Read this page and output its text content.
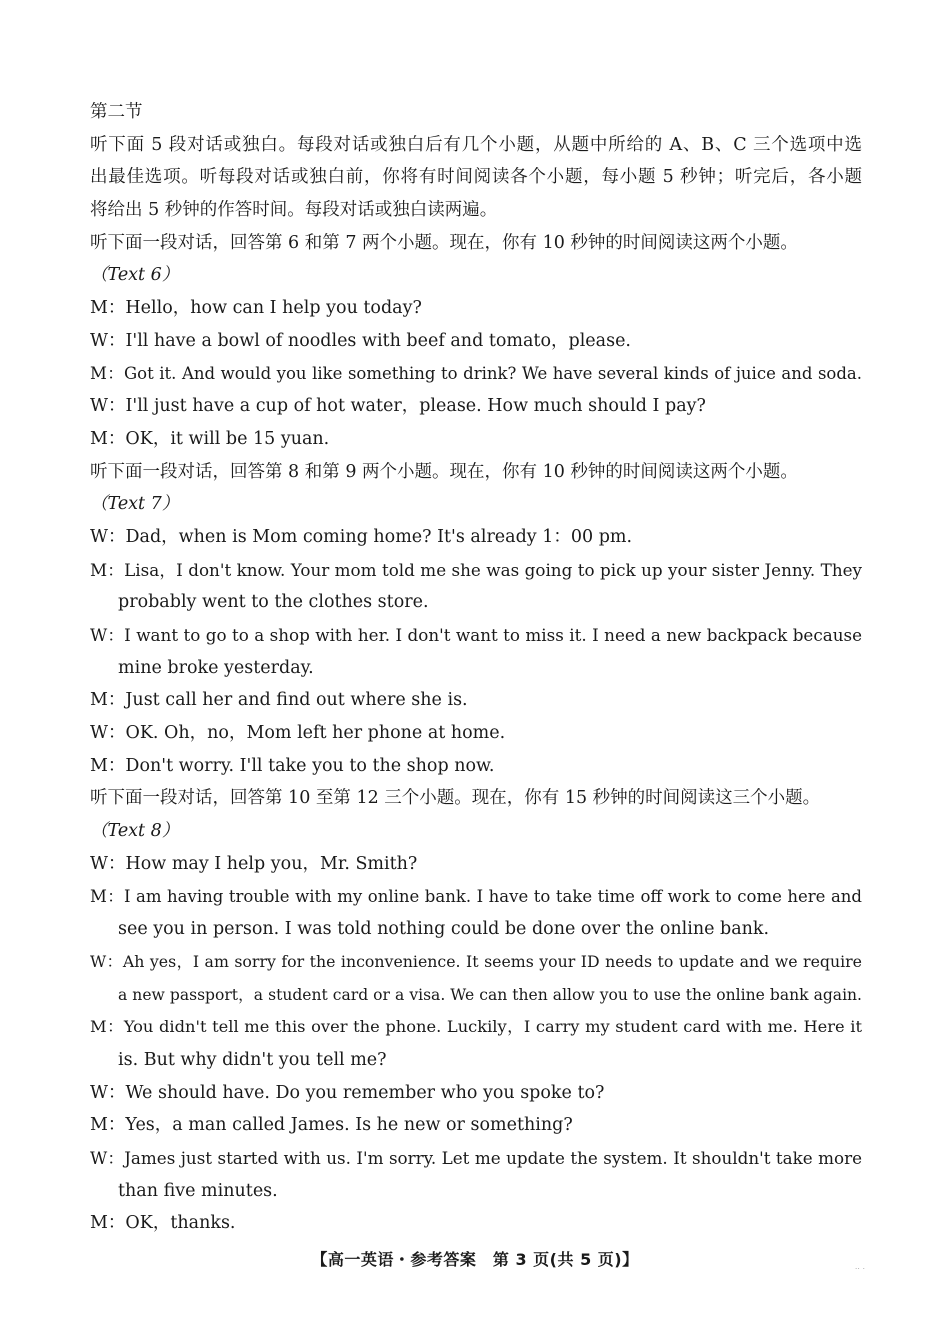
第二节
听下面 5 段对话或独白。每段对话或独白后有几个小题，从题中所给的 A、B、C 三个选项中选
出最佳选项。听每段对话或独白前，你将有时间阅读各个小题，每小题 5 秒钟；听完后，各小题
将给出 5 秒钟的作答时间。每段对话或独白读两遍。
听下面一段对话，回答第 6 和第 7 两个小题。现在，你有 10 秒钟的时间阅读这两个小题。
（Text 6）
M：Hello，how can I help you today?
W：I'll have a bowl of noodles with beef and tomato，please.
M：Got it. And would you like something to drink? We have several kinds of juice and soda.
W：I'll just have a cup of hot water，please. How much should I pay?
M：OK，it will be 15 yuan.
听下面一段对话，回答第 8 和第 9 两个小题。现在，你有 10 秒钟的时间阅读这两个小题。
（Text 7）
W：Dad，when is Mom coming home? It's already 1：00 pm.
M：Lisa，I don't know. Your mom told me she was going to pick up your sister Jenny. They
probably went to the clothes store.
W：I want to go to a shop with her. I don't want to miss it. I need a new backpack because
mine broke yesterday.
M：Just call her and find out where she is.
W：OK. Oh，no，Mom left her phone at home.
M：Don't worry. I'll take you to the shop now.
听下面一段对话，回答第 10 至第 12 三个小题。现在，你有 15 秒钟的时间阅读这三个小题。
（Text 8）
W：How may I help you，Mr. Smith?
M：I am having trouble with my online bank. I have to take time off work to come here and
see you in person. I was told nothing could be done over the online bank.
W：Ah yes，I am sorry for the inconvenience. It seems your ID needs to update and we require
a new passport，a student card or a visa. We can then allow you to use the online bank again.
M：You didn't tell me this over the phone. Luckily，I carry my student card with me. Here it
is. But why didn't you tell me?
W：We should have. Do you remember who you spoke to?
M：Yes，a man called James. Is he new or something?
W：James just started with us. I'm sorry. Let me update the system. It shouldn't take more
than five minutes.
M：OK，thanks.
【高一英语・参考答案　第 3 页(共 5 页)】	.. .
